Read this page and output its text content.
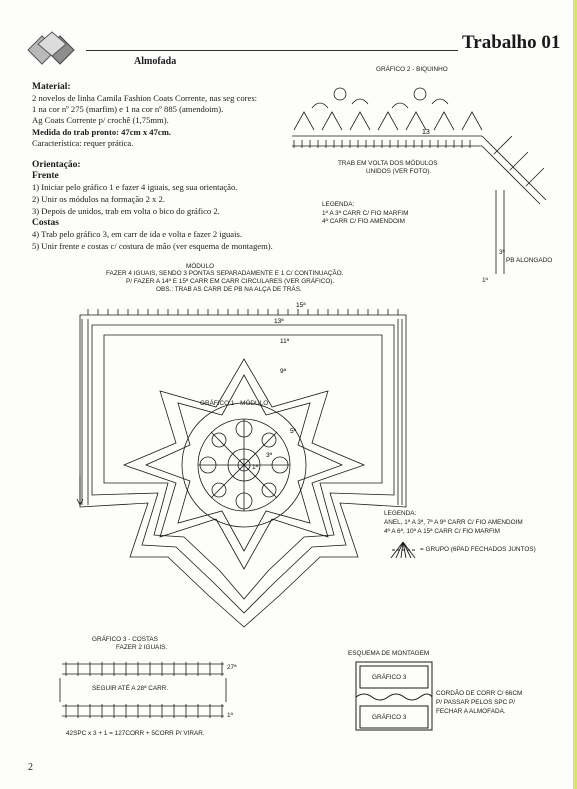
Trabalho 01
Almofada
Material:
2 novelos de linha Camila Fashion Coats Corrente, nas seg cores:
1 na cor nº 275 (marfim) e 1 na cor nº 885 (amendoim).
Ag Coats Corrente p/ crochê (1,75mm).
Medida do trab pronto: 47cm x 47cm.
Característica: requer prática.
Orientação:
Frente
1) Iniciar pelo gráfico 1 e fazer 4 iguais, seg sua orientação.
2) Unir os módulos na formação 2 x 2.
3) Depois de unidos, trab em volta o bico do gráfico 2.
Costas
4) Trab pelo gráfico 3, em carr de ida e volta e fazer 2 iguais.
5) Unir frente e costas c/ costura de mão (ver esquema de montagem).
GRÁFICO 2 - BIQUINHO
13
TRAB EM VOLTA DOS MÓDULOS
UNIDOS (VER FOTO).
LEGENDA:
1ª A 3ª CARR C/ FIO MARFIM
4ª CARR C/ FIO AMENDOIM
3ª
1ª
PB ALONGADO
MÓDULO
FAZER 4 IGUAIS, SENDO 3 PONTAS SEPARADAMENTE E 1 C/ CONTINUAÇÃO.
P/ FAZER A 14ª E 15ª CARR EM CARR CIRCULARES (VER GRÁFICO).
OBS.: TRAB AS CARR DE PB NA ALÇA DE TRÁS.
15ª
13ª
11ª
9ª
5ª
3ª
1ª
GRÁFICO 1 - MÓDULO
LEGENDA:
ANEL, 1ª A 3ª, 7ª A 9ª CARR C/ FIO AMENDOIM
4ª A 6ª, 10ª A 15ª CARR C/ FIO MARFIM
= GRUPO (6PAD FECHADOS JUNTOS)
GRÁFICO 3 - COSTAS
FAZER 2 IGUAIS.
27ª
SEGUIR ATÉ A 28ª CARR.
1ª
42SPC x 3 + 1 = 127CORR + 5CORR P/ VIRAR.
ESQUEMA DE MONTAGEM
GRÁFICO 3
GRÁFICO 3
CORDÃO DE CORR C/ 66CM
P/ PASSAR PELOS SPC P/
FECHAR A ALMOFADA.
2
